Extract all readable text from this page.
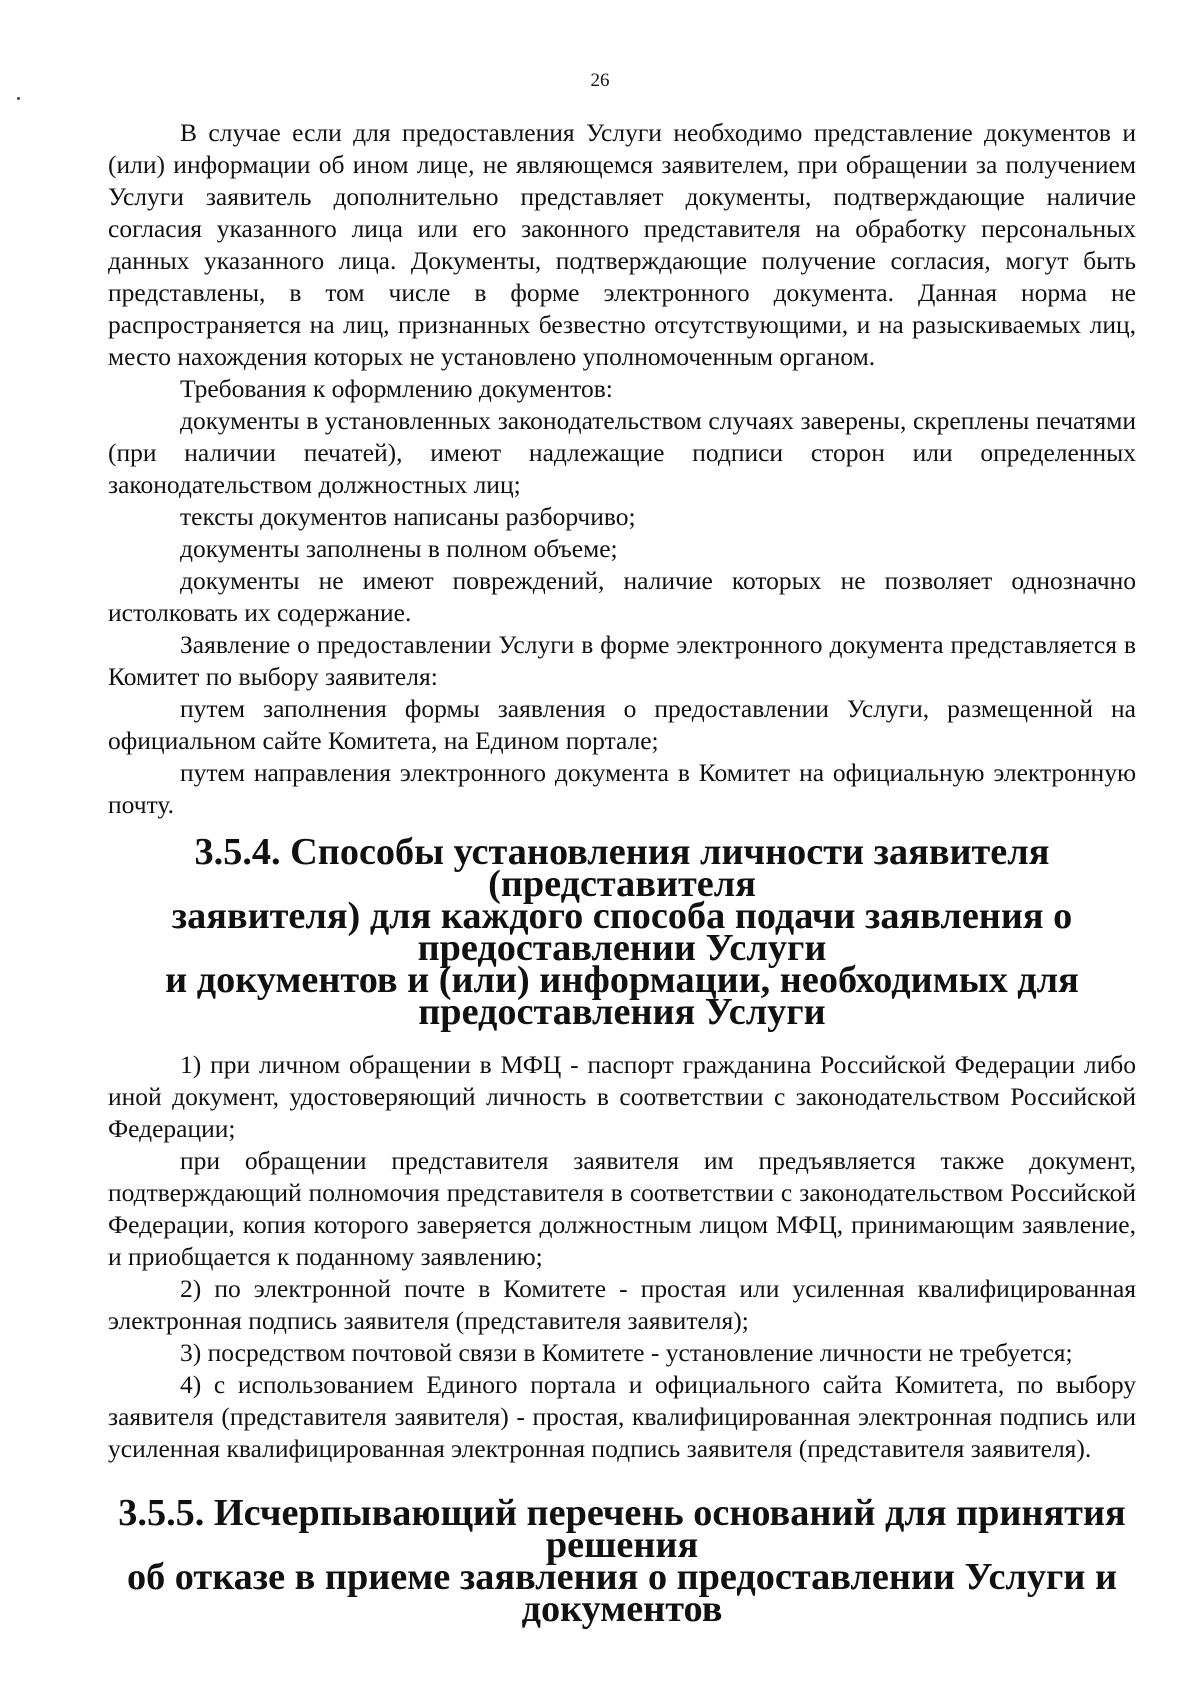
26

В случае если для предоставления Услуги необходимо представление документов и (или) информации об ином лице, не являющемся заявителем, при обращении за получением Услуги заявитель дополнительно представляет документы, подтверждающие наличие согласия указанного лица или его законного представителя на обработку персональных данных указанного лица. Документы, подтверждающие получение согласия, могут быть представлены, в том числе в форме электронного документа. Данная норма не распространяется на лиц, признанных безвестно отсутствующими, и на разыскиваемых лиц, место нахождения которых не установлено уполномоченным органом.

Требования к оформлению документов:

документы в установленных законодательством случаях заверены, скреплены печатями (при наличии печатей), имеют надлежащие подписи сторон или определенных законодательством должностных лиц;

тексты документов написаны разборчиво;

документы заполнены в полном объеме;

документы не имеют повреждений, наличие которых не позволяет однозначно истолковать их содержание.

Заявление о предоставлении Услуги в форме электронного документа представляется в Комитет по выбору заявителя:

путем заполнения формы заявления о предоставлении Услуги, размещенной на официальном сайте Комитета, на Едином портале;

путем направления электронного документа в Комитет на официальную электронную почту.

3.5.4. Способы установления личности заявителя (представителя
заявителя) для каждого способа подачи заявления о предоставлении Услуги
и документов и (или) информации, необходимых для предоставления Услуги

1) при личном обращении в МФЦ - паспорт гражданина Российской Федерации либо иной документ, удостоверяющий личность в соответствии с законодательством Российской Федерации;

при обращении представителя заявителя им предъявляется также документ, подтверждающий полномочия представителя в соответствии с законодательством Российской Федерации, копия которого заверяется должностным лицом МФЦ, принимающим заявление, и приобщается к поданному заявлению;

2) по электронной почте в Комитете - простая или усиленная квалифицированная электронная подпись заявителя (представителя заявителя);

3) посредством почтовой связи в Комитете - установление личности не требуется;

4) с использованием Единого портала и официального сайта Комитета, по выбору заявителя (представителя заявителя) - простая, квалифицированная электронная подпись или усиленная квалифицированная электронная подпись заявителя (представителя заявителя).

3.5.5. Исчерпывающий перечень оснований для принятия решения
об отказе в приеме заявления о предоставлении Услуги и документов
